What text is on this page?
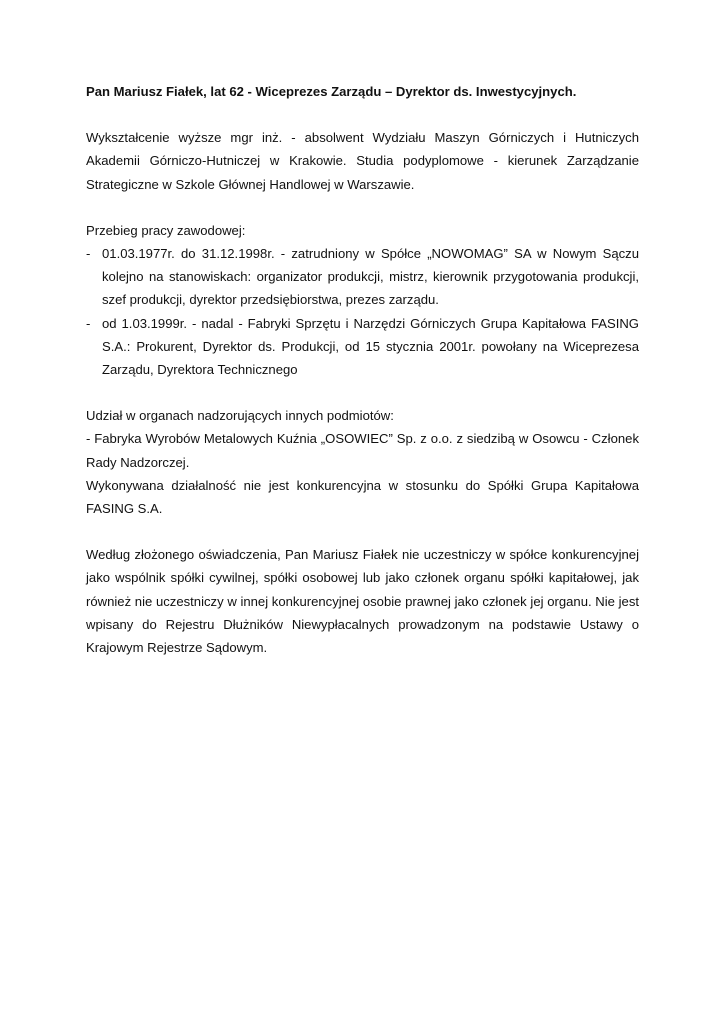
Pan Mariusz Fiałek, lat 62 - Wiceprezes Zarządu – Dyrektor ds. Inwestycyjnych.

Wykształcenie wyższe mgr inż. - absolwent Wydziału Maszyn Górniczych i Hutniczych Akademii Górniczo-Hutniczej w Krakowie. Studia podyplomowe - kierunek Zarządzanie Strategiczne w Szkole Głównej Handlowej w Warszawie.

Przebieg pracy zawodowej:

- 01.03.1977r. do 31.12.1998r. - zatrudniony w Spółce „NOWOMAG” SA w Nowym Sączu kolejno na stanowiskach: organizator produkcji, mistrz, kierownik przygotowania produkcji, szef produkcji, dyrektor przedsiębiorstwa, prezes zarządu.
- od 1.03.1999r. - nadal - Fabryki Sprzętu i Narzędzi Górniczych Grupa Kapitałowa FASING S.A.: Prokurent, Dyrektor ds. Produkcji, od 15 stycznia 2001r. powołany na Wiceprezesa Zarządu, Dyrektora Technicznego

Udział w organach nadzorujących innych podmiotów:

- Fabryka Wyrobów Metalowych Kuźnia „OSOWIEC” Sp. z o.o. z siedzibą w Osowcu - Członek Rady Nadzorczej.

Wykonywana działalność nie jest konkurencyjna w stosunku do Spółki Grupa Kapitałowa FASING S.A.

Według złożonego oświadczenia, Pan Mariusz Fiałek nie uczestniczy w spółce konkurencyjnej jako wspólnik spółki cywilnej, spółki osobowej lub jako członek organu spółki kapitałowej, jak również nie uczestniczy w innej konkurencyjnej osobie prawnej jako członek jej organu. Nie jest wpisany do Rejestru Dłużników Niewypłacalnych prowadzonym na podstawie Ustawy o Krajowym Rejestrze Sądowym.
